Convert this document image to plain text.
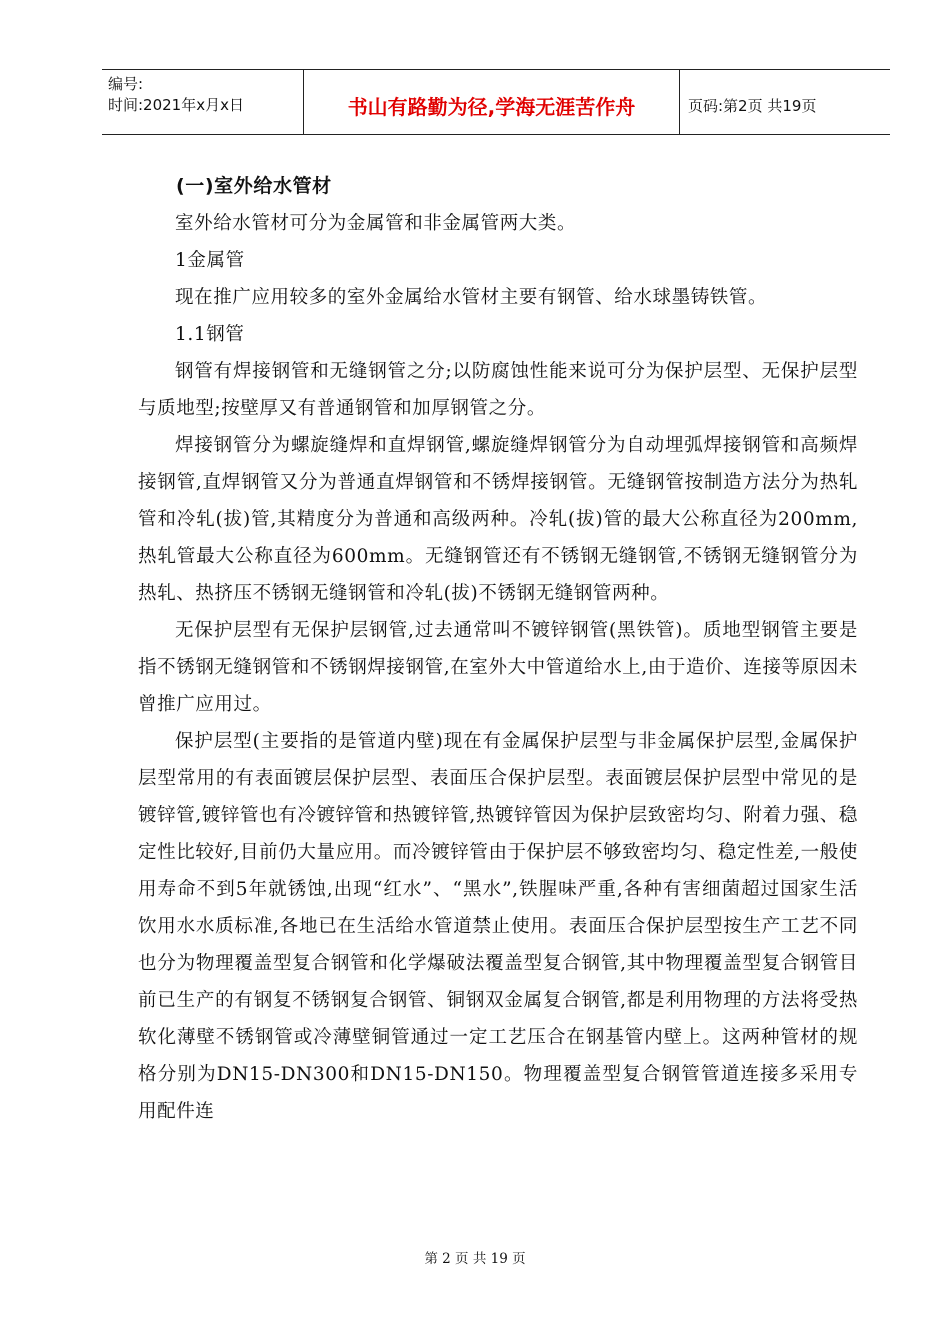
编号:
时间:2021年x月x日	书山有路勤为径,学海无涯苦作舟	页码:第2页 共19页

(一)室外给水管材

室外给水管材可分为金属管和非金属管两大类。

1金属管

现在推广应用较多的室外金属给水管材主要有钢管、给水球墨铸铁管。

1.1钢管

钢管有焊接钢管和无缝钢管之分;以防腐蚀性能来说可分为保护层型、无保护层型与质地型;按壁厚又有普通钢管和加厚钢管之分。

焊接钢管分为螺旋缝焊和直焊钢管,螺旋缝焊钢管分为自动埋弧焊接钢管和高频焊接钢管,直焊钢管又分为普通直焊钢管和不锈焊接钢管。无缝钢管按制造方法分为热轧管和冷轧(拔)管,其精度分为普通和高级两种。冷轧(拔)管的最大公称直径为200mm,热轧管最大公称直径为600mm。无缝钢管还有不锈钢无缝钢管,不锈钢无缝钢管分为热轧、热挤压不锈钢无缝钢管和冷轧(拔)不锈钢无缝钢管两种。

无保护层型有无保护层钢管,过去通常叫不镀锌钢管(黑铁管)。质地型钢管主要是指不锈钢无缝钢管和不锈钢焊接钢管,在室外大中管道给水上,由于造价、连接等原因未曾推广应用过。

保护层型(主要指的是管道内壁)现在有金属保护层型与非金属保护层型,金属保护层型常用的有表面镀层保护层型、表面压合保护层型。表面镀层保护层型中常见的是镀锌管,镀锌管也有冷镀锌管和热镀锌管,热镀锌管因为保护层致密均匀、附着力强、稳定性比较好,目前仍大量应用。而冷镀锌管由于保护层不够致密均匀、稳定性差,一般使用寿命不到5年就锈蚀,出现“红水”、“黑水”,铁腥味严重,各种有害细菌超过国家生活饮用水水质标准,各地已在生活给水管道禁止使用。表面压合保护层型按生产工艺不同也分为物理覆盖型复合钢管和化学爆破法覆盖型复合钢管,其中物理覆盖型复合钢管目前已生产的有钢复不锈钢复合钢管、铜钢双金属复合钢管,都是利用物理的方法将受热软化薄壁不锈钢管或冷薄壁铜管通过一定工艺压合在钢基管内壁上。这两种管材的规格分别为DN15-DN300和DN15-DN150。物理覆盖型复合钢管管道连接多采用专用配件连

第 2 页 共 19 页
